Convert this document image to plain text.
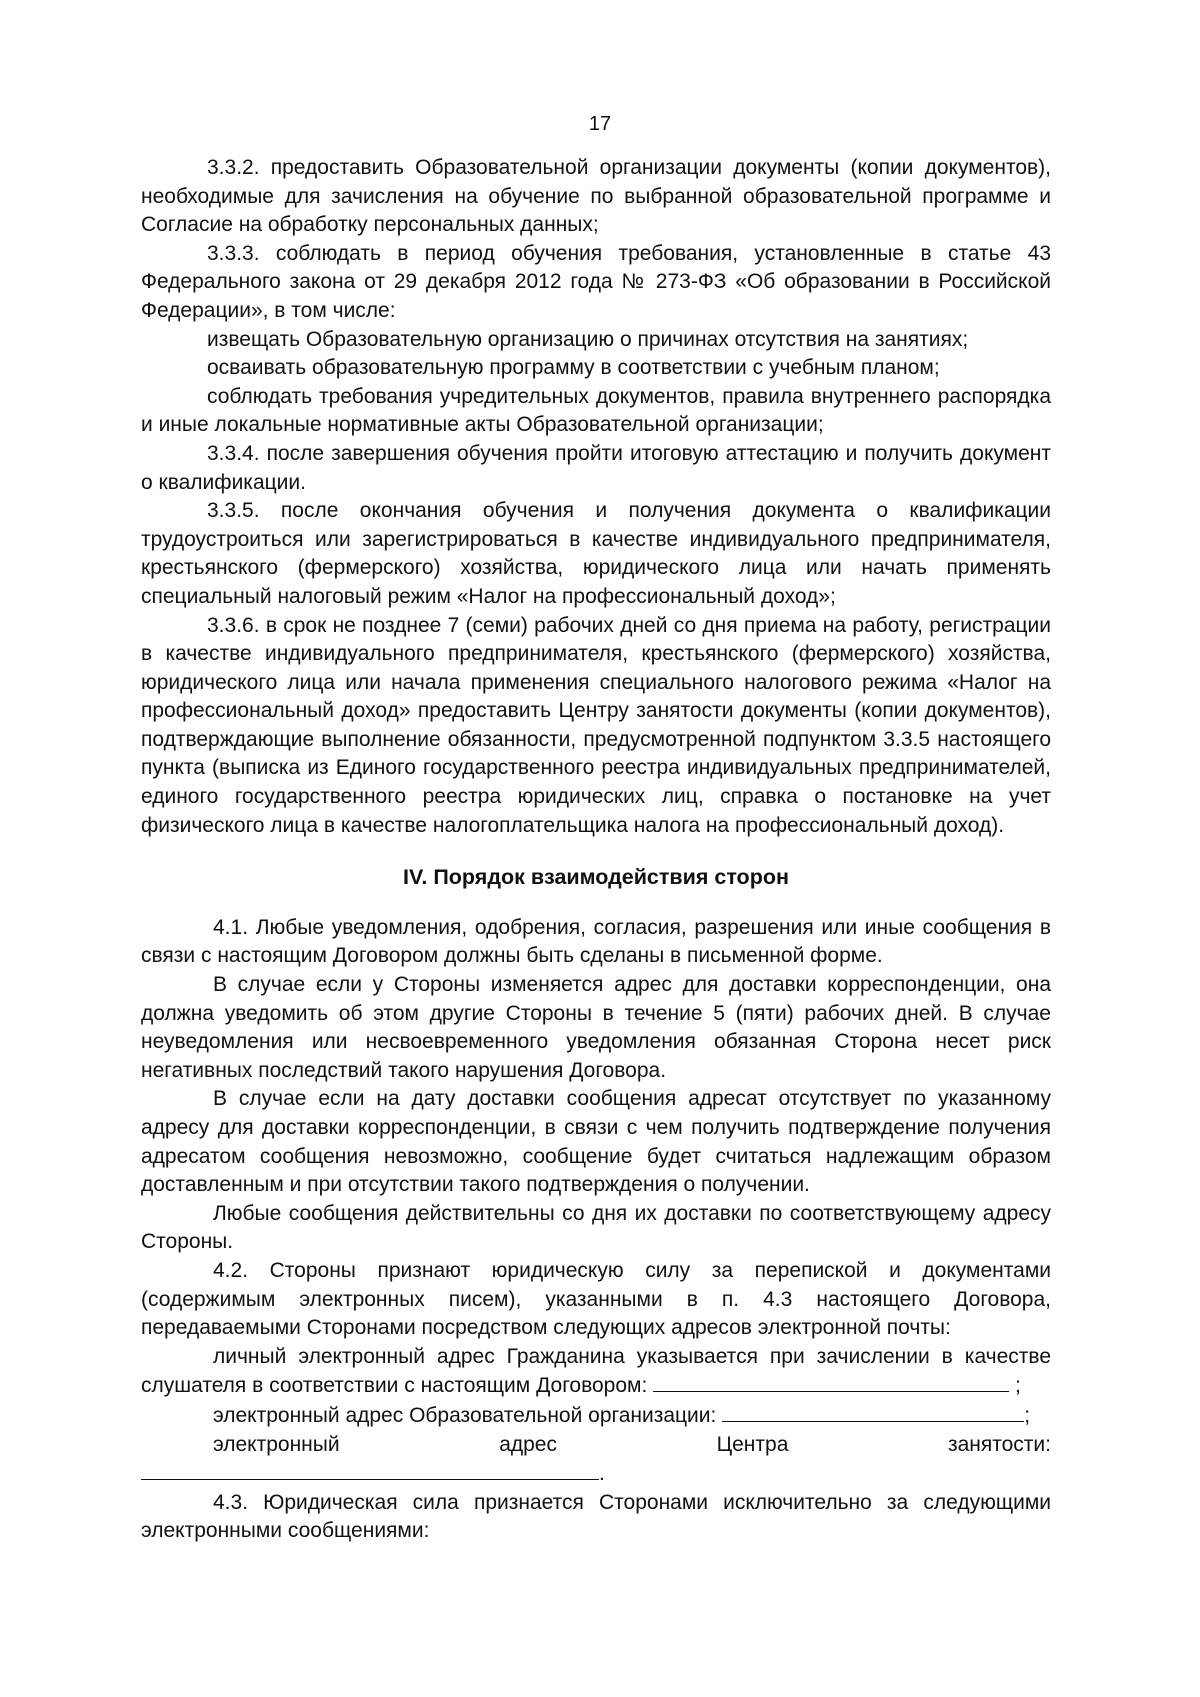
17

3.3.2. предоставить Образовательной организации документы (копии документов), необходимые для зачисления на обучение по выбранной образовательной программе и Согласие на обработку персональных данных;

3.3.3. соблюдать в период обучения требования, установленные в статье 43 Федерального закона от 29 декабря 2012 года № 273-ФЗ «Об образовании в Российской Федерации», в том числе:

извещать Образовательную организацию о причинах отсутствия на занятиях;

осваивать образовательную программу в соответствии с учебным планом;

соблюдать требования учредительных документов, правила внутреннего распорядка и иные локальные нормативные акты Образовательной организации;

3.3.4. после завершения обучения пройти итоговую аттестацию и получить документ о квалификации.

3.3.5. после окончания обучения и получения документа о квалификации трудоустроиться или зарегистрироваться в качестве индивидуального предпринимателя, крестьянского (фермерского) хозяйства, юридического лица или начать применять специальный налоговый режим «Налог на профессиональный доход»;

3.3.6. в срок не позднее 7 (семи) рабочих дней со дня приема на работу, регистрации в качестве индивидуального предпринимателя, крестьянского (фермерского) хозяйства, юридического лица или начала применения специального налогового режима «Налог на профессиональный доход» предоставить Центру занятости документы (копии документов), подтверждающие выполнение обязанности, предусмотренной подпунктом 3.3.5 настоящего пункта (выписка из Единого государственного реестра индивидуальных предпринимателей, единого государственного реестра юридических лиц, справка о постановке на учет физического лица в качестве налогоплательщика налога на профессиональный доход).

IV. Порядок взаимодействия сторон

4.1. Любые уведомления, одобрения, согласия, разрешения или иные сообщения в связи с настоящим Договором должны быть сделаны в письменной форме.

В случае если у Стороны изменяется адрес для доставки корреспонденции, она должна уведомить об этом другие Стороны в течение 5 (пяти) рабочих дней. В случае неуведомления или несвоевременного уведомления обязанная Сторона несет риск негативных последствий такого нарушения Договора.

В случае если на дату доставки сообщения адресат отсутствует по указанному адресу для доставки корреспонденции, в связи с чем получить подтверждение получения адресатом сообщения невозможно, сообщение будет считаться надлежащим образом доставленным и при отсутствии такого подтверждения о получении.

Любые сообщения действительны со дня их доставки по соответствующему адресу Стороны.

4.2. Стороны признают юридическую силу за перепиской и документами (содержимым электронных писем), указанными в п. 4.3 настоящего Договора, передаваемыми Сторонами посредством следующих адресов электронной почты:

личный электронный адрес Гражданина указывается при зачислении в качестве слушателя в соответствии с настоящим Договором:	;

электронный адрес Образовательной организации:	;

электронный адрес Центра занятости: .

4.3. Юридическая сила признается Сторонами исключительно за следующими электронными сообщениями:
